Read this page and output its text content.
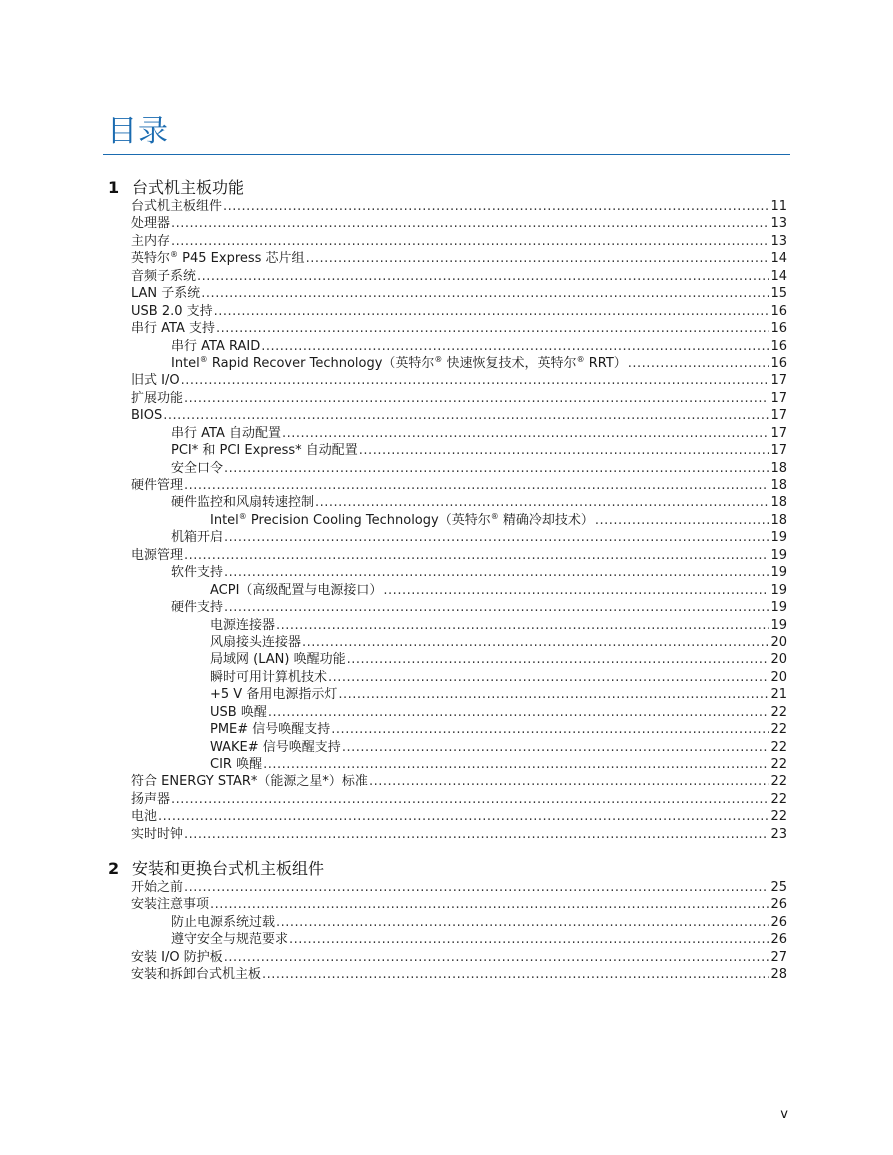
目录
1 台式机主板功能
台式机主板组件 .....	11
处理器 .....	13
主内存 .....	13
英特尔® P45 Express 芯片组 .....	14
音频子系统 .....	14
LAN 子系统 .....	15
USB 2.0 支持 .....	16
串行 ATA 支持 .....	16
串行 ATA RAID .....	16
Intel® Rapid Recover Technology（英特尔® 快速恢复技术，英特尔® RRT） .....	16
旧式 I/O .....	17
扩展功能 .....	17
BIOS .....	17
串行 ATA 自动配置 .....	17
PCI* 和 PCI Express* 自动配置 .....	17
安全口令 .....	18
硬件管理 .....	18
硬件监控和风扇转速控制 .....	18
Intel® Precision Cooling Technology（英特尔® 精确冷却技术） .....	18
机箱开启 .....	19
电源管理 .....	19
软件支持 .....	19
ACPI（高级配置与电源接口） .....	19
硬件支持 .....	19
电源连接器 .....	19
风扇接头连接器 .....	20
局域网 (LAN) 唤醒功能 .....	20
瞬时可用计算机技术 .....	20
+5 V 备用电源指示灯 .....	21
USB 唤醒 .....	22
PME# 信号唤醒支持 .....	22
WAKE# 信号唤醒支持 .....	22
CIR 唤醒 .....	22
符合 ENERGY STAR*（能源之星*）标准 .....	22
扬声器 .....	22
电池 .....	22
实时时钟 .....	23
2 安装和更换台式机主板组件
开始之前 .....	25
安装注意事项 .....	26
防止电源系统过载 .....	26
遵守安全与规范要求 .....	26
安装 I/O 防护板 .....	27
安装和拆卸台式机主板 .....	28
v
